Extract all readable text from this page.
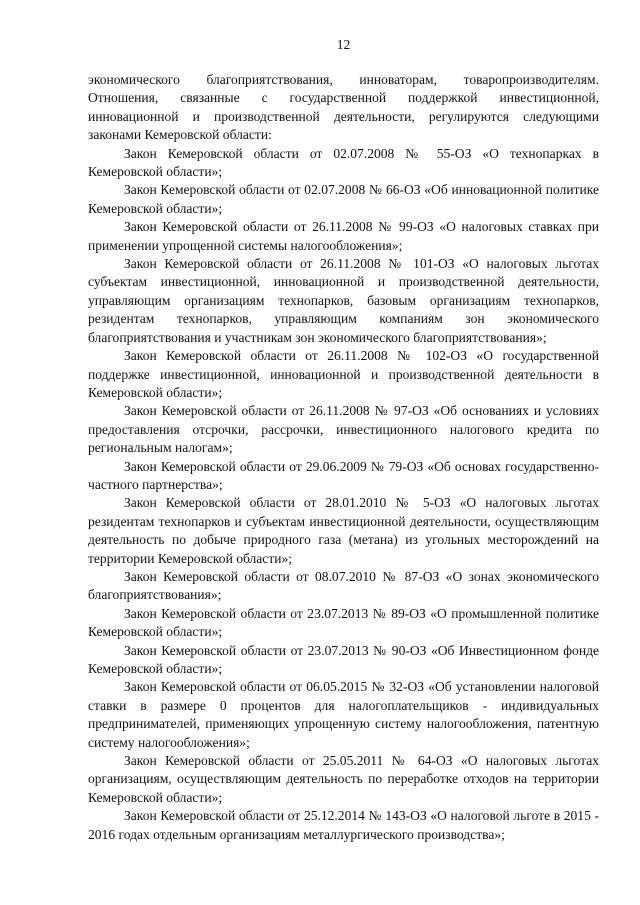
12

экономического благоприятствования, инноваторам, товаропроизводителям. Отношения, связанные с государственной поддержкой инвестиционной, инновационной и производственной деятельности, регулируются следующими законами Кемеровской области:

Закон Кемеровской области от 02.07.2008 № 55-ОЗ «О технопарках в Кемеровской области»;

Закон Кемеровской области от 02.07.2008 № 66-ОЗ «Об инновационной политике Кемеровской области»;

Закон Кемеровской области от 26.11.2008 № 99-ОЗ «О налоговых ставках при применении упрощенной системы налогообложения»;

Закон Кемеровской области от 26.11.2008 № 101-ОЗ «О налоговых льготах субъектам инвестиционной, инновационной и производственной деятельности, управляющим организациям технопарков, базовым организациям технопарков, резидентам технопарков, управляющим компаниям зон экономического благоприятствования и участникам зон экономического благоприятствования»;

Закон Кемеровской области от 26.11.2008 № 102-ОЗ «О государственной поддержке инвестиционной, инновационной и производственной деятельности в Кемеровской области»;

Закон Кемеровской области от 26.11.2008 № 97-ОЗ «Об основаниях и условиях предоставления отсрочки, рассрочки, инвестиционного налогового кредита по региональным налогам»;

Закон Кемеровской области от 29.06.2009 № 79-ОЗ «Об основах государственно-частного партнерства»;

Закон Кемеровской области от 28.01.2010 № 5-ОЗ «О налоговых льготах резидентам технопарков и субъектам инвестиционной деятельности, осуществляющим деятельность по добыче природного газа (метана) из угольных месторождений на территории Кемеровской области»;

Закон Кемеровской области от 08.07.2010 № 87-ОЗ «О зонах экономического благоприятствования»;

Закон Кемеровской области от 23.07.2013 № 89-ОЗ «О промышленной политике Кемеровской области»;

Закон Кемеровской области от 23.07.2013 № 90-ОЗ «Об Инвестиционном фонде Кемеровской области»;

Закон Кемеровской области от 06.05.2015 № 32-ОЗ «Об установлении налоговой ставки в размере 0 процентов для налогоплательщиков - индивидуальных предпринимателей, применяющих упрощенную систему налогообложения, патентную систему налогообложения»;

Закон Кемеровской области от 25.05.2011 № 64-ОЗ «О налоговых льготах организациям, осуществляющим деятельность по переработке отходов на территории Кемеровской области»;

Закон Кемеровской области от 25.12.2014 № 143-ОЗ «О налоговой льготе в 2015 - 2016 годах отдельным организациям металлургического производства»;
